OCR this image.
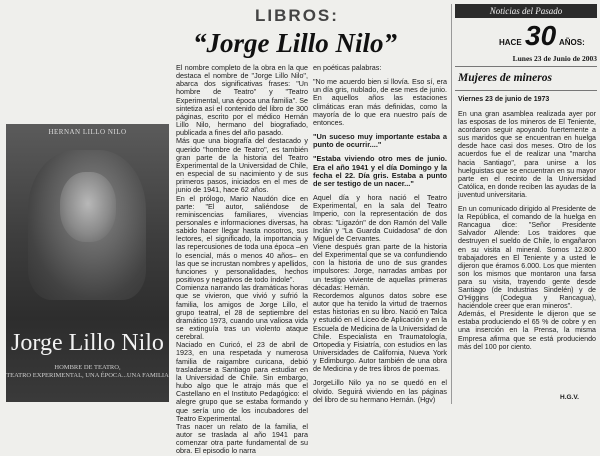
LIBROS:
“Jorge Lillo Nilo”
HERNAN LILLO NILO
Jorge Lillo Nilo
HOMBRE DE TEATRO,
TEATRO EXPERIMENTAL, UNA ÉPOCA...UNA FAMILIA

El nombre completo de la obra en la que destaca el nombre de "Jorge Lillo Nilo", abarca dos significativas frases: "Un hombre de Teatro" y "Teatro Experimental, una época una familia". Se sintetiza así el contenido del libro de 300 páginas, escrito por el médico Hernán Lillo Nilo, hermano del biografiado, publicada a fines del año pasado.

Más que una biografía del destacado y querido "hombre de Teatro", es también gran parte de la historia del Teatro Experimental de la Universidad de Chile, en especial de su nacimiento y de sus primeros pasos, iniciados en el mes de junio de 1941, hace 62 años.

En el prólogo, Mario Naudón dice en parte: "El autor, saliéndose de reminiscencias familiares, vivencias personales e informaciones diversas, ha sabido hacer llegar hasta nosotros, sus lectores, el significado, la importancia y las repercusiones de toda una época –en lo esencial, más o menos 40 años– en las que se incrustan nombres y apellidos, funciones y personalidades, hechos positivos y negativos de todo índole".

Comienza narrando las dramáticas horas que se vivieron, que vivió y sufrió la familia, los amigos de Jorge Lillo, el grupo teatral, el 28 de septiembre del dramático 1973, cuando una valiosa vida se extinguía tras un violento ataque cerebral.

Naciado en Curicó, el 23 de abril de 1923, en una respetada y numerosa familia de raigambre curicana, debió trasladarse a Santiago para estudiar en la Universidad de Chile. Sin embargo, hubo algo que le atrajo más que el Castellano en el Instituto Pedagógico: el alegre grupo que se estaba formando y que sería uno de los incubadores del Teatro Experimental.

Tras nacer un relato de la familia, el autor se traslada al año 1941 para comenzar otra parte fundamental de su obra. El episodio lo narra

en poéticas palabras:

"No me acuerdo bien si llovía. Eso sí, era un día gris, nublado, de ese mes de junio. En aquellos años las estaciones climáticas eran más definidas, como la mayoría de lo que era nuestro país de entonces.

"Un suceso muy importante estaba a punto de ocurrir...."

"Estaba viviendo otro mes de junio. Era el año 1941 y el día Domingo y la fecha el 22. Día gris. Estaba a punto de ser testigo de un nacer..."

Aquel día y hora nació el Teatro Experimental, en la sala del Teatro Imperio, con la representación de dos obras: "Ligazón" de don Ramón del Valle Inclán y "La Guarda Cuidadosa" de don Miguel de Cervantes.

Viene después gran parte de la historia del Experimental que se va confundiendo con la historia de uno de sus grandes impulsores: Jorge, narradas ambas por un testigo viviente de aquellas primeras décadas: Hernán.

Recordemos algunos datos sobre ese autor que ha tenido la virtud de traernos estas historias en su libro. Nació en Talca y estudió en el Liceo de Aplicación y en la Escuela de Medicina de la Universidad de Chile. Especialista en Traumatología, Ortopedia y Fisiatría, con estudios en las Universidades de California, Nueva York y Edimburgo. Autor también de una obra de Medicina y de tres libros de poemas.

JorgeLillo Nilo ya no se quedó en el olvido. Seguirá viviendo en las páginas del libro de su hermano Hernán. (Hgv)

Noticias del Pasado
HACE 30 AÑOS:
Lunes 23 de Junio de 2003
Mujeres de mineros
Viernes 23 de junio de 1973

En una gran asamblea realizada ayer por las esposas de los mineros de El Teniente, acordaron seguir apoyando fuertemente a sus maridos que se encuentran en huelga desde hace casi dos meses. Otro de los acuerdos fue el de realizar una "marcha hacia Santiago", para unirse a los huelguistas que se encuentran en su mayor parte en el recinto de la Universidad Católica, en donde reciben las ayudas de la juventud universitaria.

En un comunicado dirigido al Presidente de la República, el comando de la huelga en Rancagua dice: "Señor Presidente Salvador Allende: Los traidores que destruyen el sueldo de Chile, lo engañaron en su visita al mineral. Somos 12.800 trabajadores en El Teniente y a usted le dijeron que éramos 6.000. Los que mienten son los mismos que montaron una farsa para su visita, trayendo gente desde Santiago (de Industrias Sindelén) y de O'Higgins (Codegua y Rancagua), haciéndole creer que eran mineros".

Además, el Presidente le dijeron que se estaba produciendo el 65 % de cobre y en una inserción en la Prensa, la misma Empresa afirma que se está produciendo más del 100 por ciento.

H.G.V.
